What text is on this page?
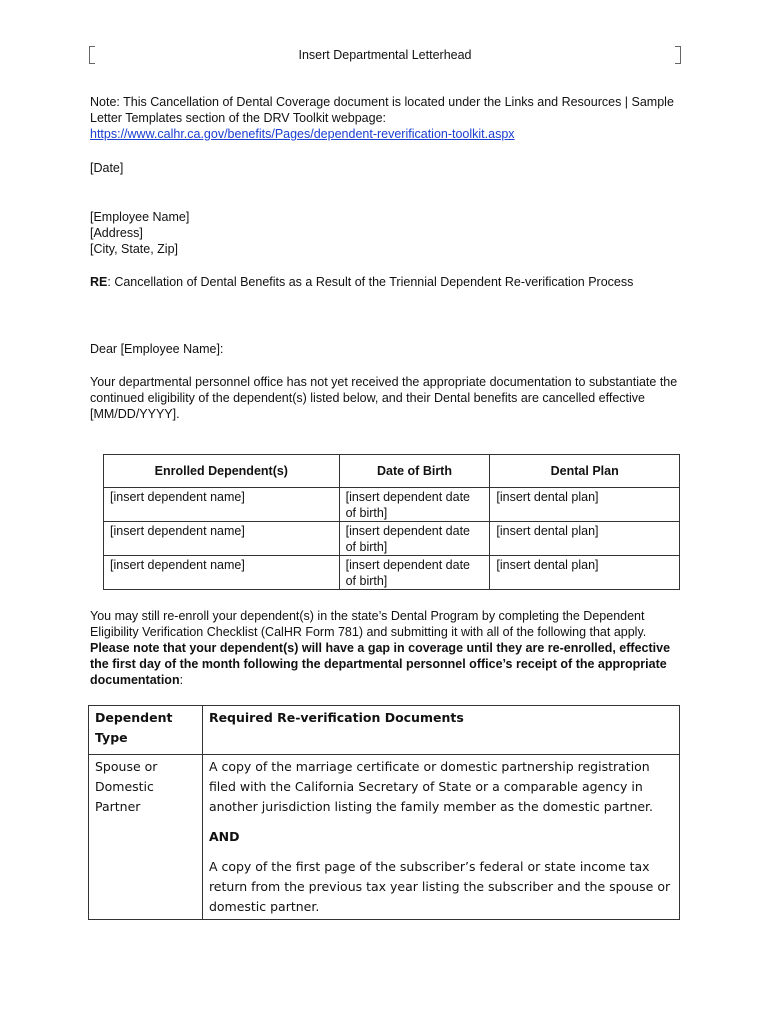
Insert Departmental Letterhead

Note: This Cancellation of Dental Coverage document is located under the Links and Resources | Sample Letter Templates section of the DRV Toolkit webpage:

https://www.calhr.ca.gov/benefits/Pages/dependent-reverification-toolkit.aspx

[Date]

[Employee Name]

[Address]

[City, State, Zip]

RE: Cancellation of Dental Benefits as a Result of the Triennial Dependent Re-verification Process

Dear [Employee Name]:

Your departmental personnel office has not yet received the appropriate documentation to substantiate the continued eligibility of the dependent(s) listed below, and their Dental benefits are cancelled effective [MM/DD/YYYY].

Enrolled Dependent(s)	Date of Birth	Dental Plan
[insert dependent name]	[insert dependent date of birth]	[insert dental plan]
[insert dependent name]	[insert dependent date of birth]	[insert dental plan]
[insert dependent name]	[insert dependent date of birth]	[insert dental plan]

You may still re-enroll your dependent(s) in the state’s Dental Program by completing the Dependent Eligibility Verification Checklist (CalHR Form 781) and submitting it with all of the following that apply. Please note that your dependent(s) will have a gap in coverage until they are re-enrolled, effective the first day of the month following the departmental personnel office’s receipt of the appropriate documentation:

Dependent Type	Required Re-verification Documents
Spouse or Domestic Partner	A copy of the marriage certificate or domestic partnership registration filed with the California Secretary of State or a comparable agency in another jurisdiction listing the family member as the domestic partner.

AND

A copy of the first page of the subscriber’s federal or state income tax return from the previous tax year listing the subscriber and the spouse or domestic partner.
